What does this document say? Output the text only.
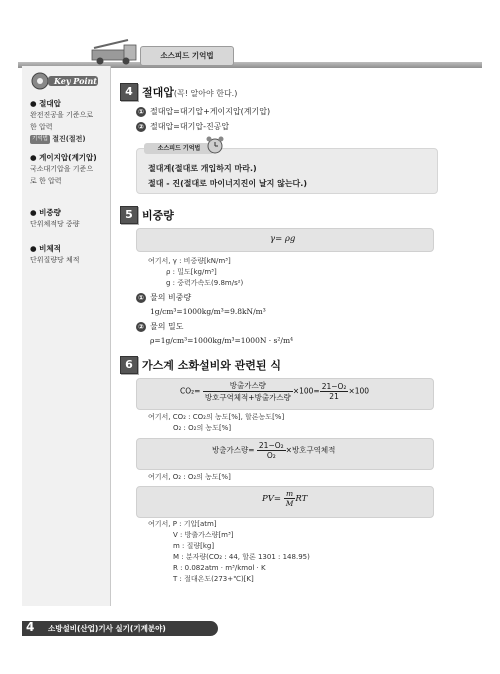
소스피드 기억법
Key Point
● 절대압
완전진공을 기준으로
한 압력
기억법 절진(절전)
● 게이지압(계기압)
국소대기압을 기준으
로 한 압력
● 비중량
단위체적당 중량
● 비체적
단위질량당 체적
4 절대압(꼭! 알아야 한다.)
① 절대압=대기압+게이지압(계기압)
② 절대압=대기압-진공압
소스피드 기억법
절대계(절대로 개입하지 마라.)
절대 - 진(절대로 마이너지진이 날지 않는다.)
5 비중량
γ= ρg
여기서, γ : 비중량[kN/m³]
ρ : 밀도[kg/m³]
g : 중력가속도(9.8m/s²)
① 물의 비중량
1g/cm³=1000kg/m³=9.8kN/m³
② 물의 밀도
ρ=1g/cm³=1000kg/m³=1000N · s²/m⁴
6 가스계 소화설비와 관련된 식
$CO_2= \frac{\text{방출가스량}}{\text{방호구역체적+방출가스량}} \times 100= \frac{\text{21−O₂}}{21} \times 100$
여기서, CO₂ : CO₂의 농도[%], 할론농도[%]
O₂ : O₂의 농도[%]
방출가스량= $\frac{\text{21−O₂}}{\text{O₂}}$ ×방호구역체적
여기서, O₂ : O₂의 농도[%]
$PV= \frac{m}{M}$ RT
여기서, P : 기압[atm]
V : 방출가스량[m³]
m : 질량[kg]
M : 분자량(CO₂ : 44, 할론 1301 : 148.95)
R : 0.082atm · m³/kmol · K
T : 절대온도(273+℃)[K]
소방설비(산업)기사 실기(기계분야)
4
